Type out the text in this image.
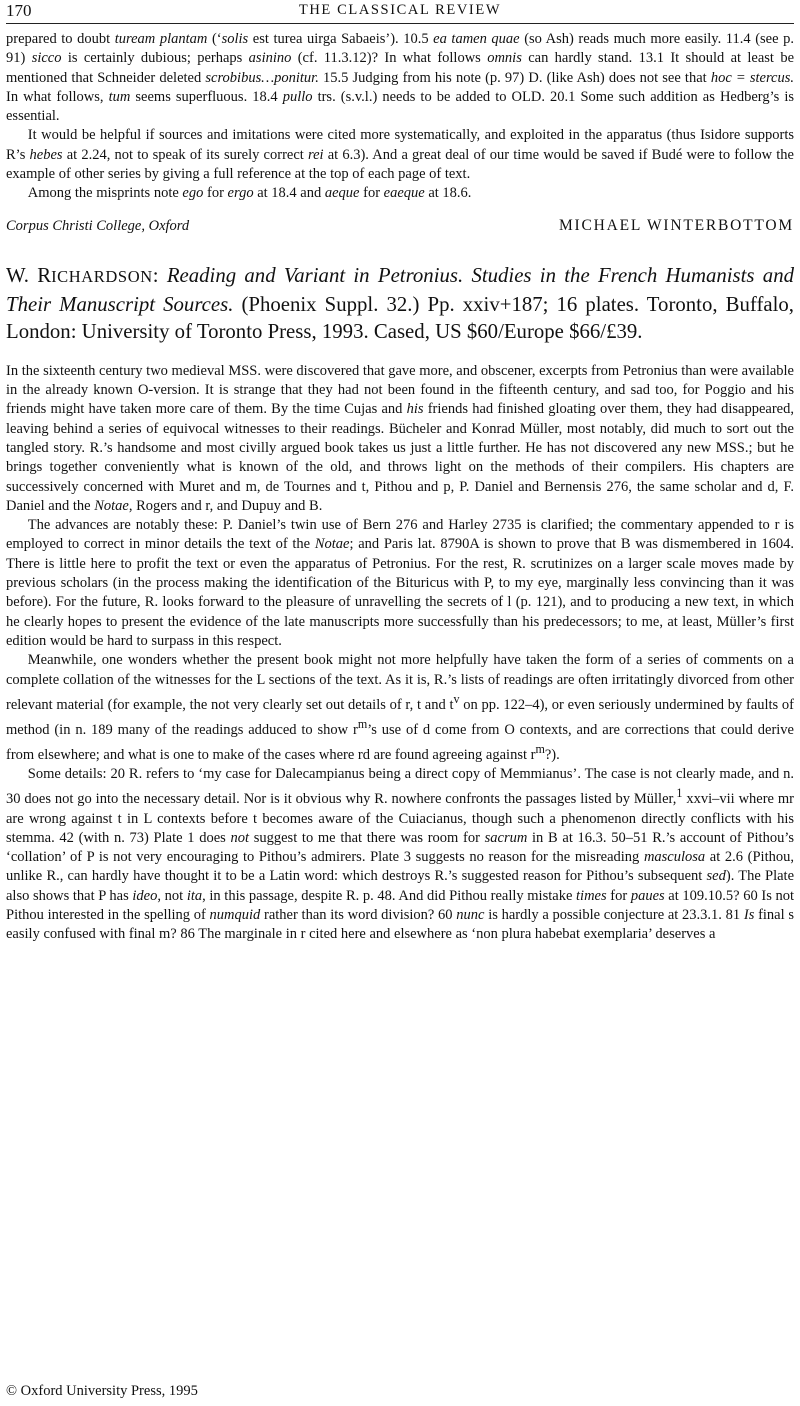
170	THE CLASSICAL REVIEW

prepared to doubt tuream plantam (‘solis est turea uirga Sabaeis’). 10.5 ea tamen quae (so Ash) reads much more easily. 11.4 (see p. 91) sicco is certainly dubious; perhaps asinino (cf. 11.3.12)? In what follows omnis can hardly stand. 13.1 It should at least be mentioned that Schneider deleted scrobibus…ponitur. 15.5 Judging from his note (p. 97) D. (like Ash) does not see that hoc = stercus. In what follows, tum seems superfluous. 18.4 pullo trs. (s.v.l.) needs to be added to OLD. 20.1 Some such addition as Hedberg’s is essential.

It would be helpful if sources and imitations were cited more systematically, and exploited in the apparatus (thus Isidore supports R’s hebes at 2.24, not to speak of its surely correct rei at 6.3). And a great deal of our time would be saved if Budé were to follow the example of other series by giving a full reference at the top of each page of text.

Among the misprints note ego for ergo at 18.4 and aeque for eaeque at 18.6.

Corpus Christi College, Oxford	MICHAEL WINTERBOTTOM
W. RICHARDSON: Reading and Variant in Petronius. Studies in the French Humanists and Their Manuscript Sources. (Phoenix Suppl. 32.) Pp. xxiv+187; 16 plates. Toronto, Buffalo, London: University of Toronto Press, 1993. Cased, US $60/Europe $66/£39.

In the sixteenth century two medieval MSS. were discovered that gave more, and obscener, excerpts from Petronius than were available in the already known O-version. It is strange that they had not been found in the fifteenth century, and sad too, for Poggio and his friends might have taken more care of them. By the time Cujas and his friends had finished gloating over them, they had disappeared, leaving behind a series of equivocal witnesses to their readings. Bücheler and Konrad Müller, most notably, did much to sort out the tangled story. R.’s handsome and most civilly argued book takes us just a little further. He has not discovered any new MSS.; but he brings together conveniently what is known of the old, and throws light on the methods of their compilers. His chapters are successively concerned with Muret and m, de Tournes and t, Pithou and p, P. Daniel and Bernensis 276, the same scholar and d, F. Daniel and the Notae, Rogers and r, and Dupuy and B.

The advances are notably these: P. Daniel’s twin use of Bern 276 and Harley 2735 is clarified; the commentary appended to r is employed to correct in minor details the text of the Notae; and Paris lat. 8790A is shown to prove that B was dismembered in 1604. There is little here to profit the text or even the apparatus of Petronius. For the rest, R. scrutinizes on a larger scale moves made by previous scholars (in the process making the identification of the Bituricus with P, to my eye, marginally less convincing than it was before). For the future, R. looks forward to the pleasure of unravelling the secrets of l (p. 121), and to producing a new text, in which he clearly hopes to present the evidence of the late manuscripts more successfully than his predecessors; to me, at least, Müller’s first edition would be hard to surpass in this respect.

Meanwhile, one wonders whether the present book might not more helpfully have taken the form of a series of comments on a complete collation of the witnesses for the L sections of the text. As it is, R.’s lists of readings are often irritatingly divorced from other relevant material (for example, the not very clearly set out details of r, t and $t^v$ on pp. 122–4), or even seriously undermined by faults of method (in n. 189 many of the readings adduced to show $r^m’s$ use of d come from O contexts, and are corrections that could derive from elsewhere; and what is one to make of the cases where rd are found agreeing against $r^m$?).

Some details: 20 R. refers to ‘my case for Dalecampianus being a direct copy of Memmianus’. The case is not clearly made, and n. 30 does not go into the necessary detail. Nor is it obvious why R. nowhere confronts the passages listed by Müller,$^1$ xxvi–vii where mr are wrong against t in L contexts before t becomes aware of the Cuiacianus, though such a phenomenon directly conflicts with his stemma. 42 (with n. 73) Plate 1 does not suggest to me that there was room for sacrum in B at 16.3. 50–51 R.’s account of Pithou’s ‘collation’ of P is not very encouraging to Pithou’s admirers. Plate 3 suggests no reason for the misreading masculosa at 2.6 (Pithou, unlike R., can hardly have thought it to be a Latin word: which destroys R.’s suggested reason for Pithou’s subsequent sed). The Plate also shows that P has ideo, not ita, in this passage, despite R. p. 48. And did Pithou really mistake times for paues at 109.10.5? 60 Is not Pithou interested in the spelling of numquid rather than its word division? 60 nunc is hardly a possible conjecture at 23.3.1. 81 Is final s easily confused with final m? 86 The marginale in r cited here and elsewhere as ‘non plura habebat exemplaria’ deserves a

© Oxford University Press, 1995
